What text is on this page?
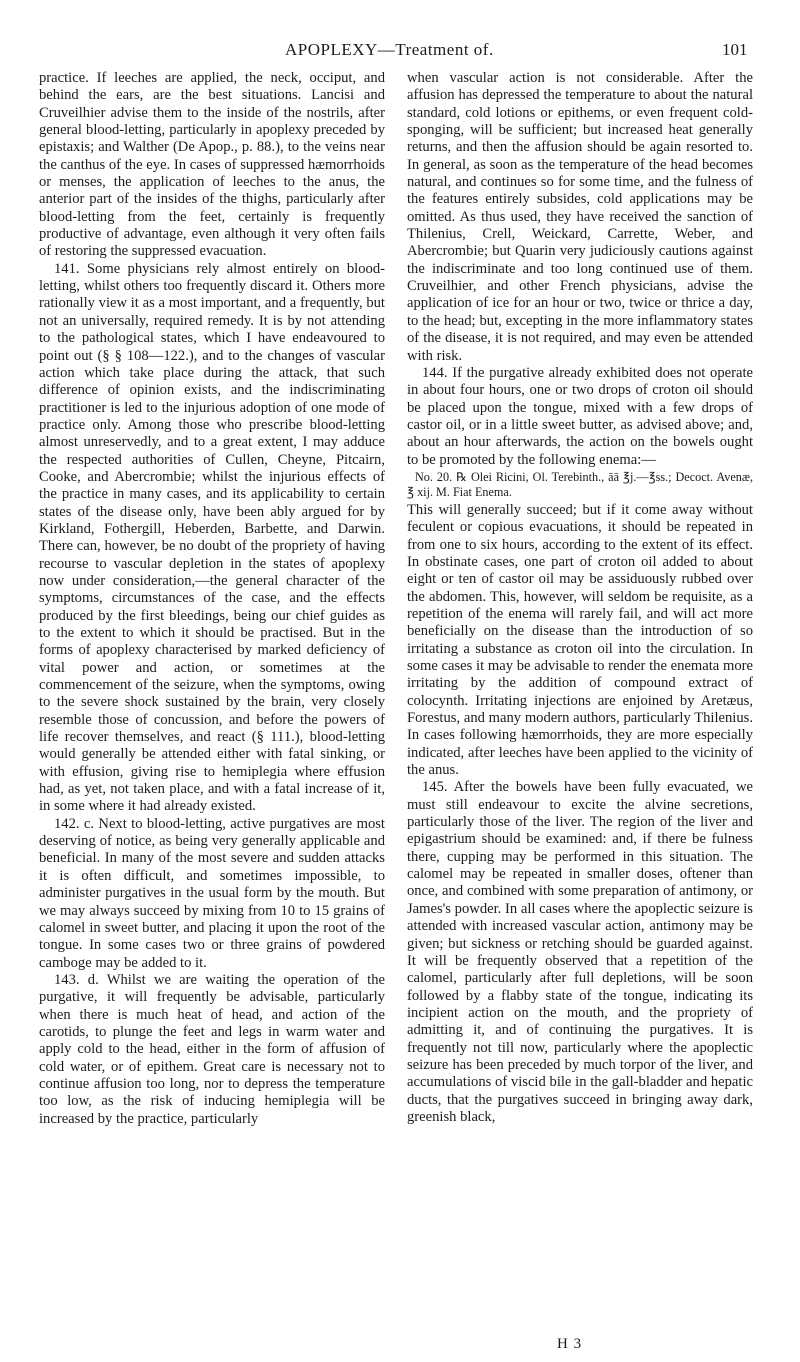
APOPLEXY—Treatment of.	101

practice. If leeches are applied, the neck, occiput, and behind the ears, are the best situations. Lancisi and Cruveilhier advise them to the inside of the nostrils, after general blood-letting, particularly in apoplexy preceded by epistaxis; and Walther (De Apop., p. 88.), to the veins near the canthus of the eye. In cases of suppressed hæmorrhoids or menses, the application of leeches to the anus, the anterior part of the insides of the thighs, particularly after blood-letting from the feet, certainly is frequently productive of advantage, even although it very often fails of restoring the suppressed evacuation.

141. Some physicians rely almost entirely on blood-letting, whilst others too frequently discard it. Others more rationally view it as a most important, and a frequently, but not an universally, required remedy. It is by not attending to the pathological states, which I have endeavoured to point out (§ § 108—122.), and to the changes of vascular action which take place during the attack, that such difference of opinion exists, and the indiscriminating practitioner is led to the injurious adoption of one mode of practice only. Among those who prescribe blood-letting almost unreservedly, and to a great extent, I may adduce the respected authorities of Cullen, Cheyne, Pitcairn, Cooke, and Abercrombie; whilst the injurious effects of the practice in many cases, and its applicability to certain states of the disease only, have been ably argued for by Kirkland, Fothergill, Heberden, Barbette, and Darwin. There can, however, be no doubt of the propriety of having recourse to vascular depletion in the states of apoplexy now under consideration,—the general character of the symptoms, circumstances of the case, and the effects produced by the first bleedings, being our chief guides as to the extent to which it should be practised. But in the forms of apoplexy characterised by marked deficiency of vital power and action, or sometimes at the commencement of the seizure, when the symptoms, owing to the severe shock sustained by the brain, very closely resemble those of concussion, and before the powers of life recover themselves, and react (§ 111.), blood-letting would generally be attended either with fatal sinking, or with effusion, giving rise to hemiplegia where effusion had, as yet, not taken place, and with a fatal increase of it, in some where it had already existed.

142. c. Next to blood-letting, active purgatives are most deserving of notice, as being very generally applicable and beneficial. In many of the most severe and sudden attacks it is often difficult, and sometimes impossible, to administer purgatives in the usual form by the mouth. But we may always succeed by mixing from 10 to 15 grains of calomel in sweet butter, and placing it upon the root of the tongue. In some cases two or three grains of powdered camboge may be added to it.

143. d. Whilst we are waiting the operation of the purgative, it will frequently be advisable, particularly when there is much heat of head, and action of the carotids, to plunge the feet and legs in warm water and apply cold to the head, either in the form of affusion of cold water, or of epithem. Great care is necessary not to continue affusion too long, nor to depress the temperature too low, as the risk of inducing hemiplegia will be increased by the practice, particularly

when vascular action is not considerable. After the affusion has depressed the temperature to about the natural standard, cold lotions or epithems, or even frequent cold-sponging, will be sufficient; but increased heat generally returns, and then the affusion should be again resorted to. In general, as soon as the temperature of the head becomes natural, and continues so for some time, and the fulness of the features entirely subsides, cold applications may be omitted. As thus used, they have received the sanction of Thilenius, Crell, Weickard, Carrette, Weber, and Abercrombie; but Quarin very judiciously cautions against the indiscriminate and too long continued use of them. Cruveilhier, and other French physicians, advise the application of ice for an hour or two, twice or thrice a day, to the head; but, excepting in the more inflammatory states of the disease, it is not required, and may even be attended with risk.

144. If the purgative already exhibited does not operate in about four hours, one or two drops of croton oil should be placed upon the tongue, mixed with a few drops of castor oil, or in a little sweet butter, as advised above; and, about an hour afterwards, the action on the bowels ought to be promoted by the following enema:—

No. 20. ℞ Olei Ricini, Ol. Terebinth., āā ℥j.—℥ss.; Decoct. Avenæ, ℥ xij. M. Fiat Enema.

This will generally succeed; but if it come away without feculent or copious evacuations, it should be repeated in from one to six hours, according to the extent of its effect. In obstinate cases, one part of croton oil added to about eight or ten of castor oil may be assiduously rubbed over the abdomen. This, however, will seldom be requisite, as a repetition of the enema will rarely fail, and will act more beneficially on the disease than the introduction of so irritating a substance as croton oil into the circulation. In some cases it may be advisable to render the enemata more irritating by the addition of compound extract of colocynth. Irritating injections are enjoined by Aretæus, Forestus, and many modern authors, particularly Thilenius. In cases following hæmorrhoids, they are more especially indicated, after leeches have been applied to the vicinity of the anus.

145. After the bowels have been fully evacuated, we must still endeavour to excite the alvine secretions, particularly those of the liver. The region of the liver and epigastrium should be examined: and, if there be fulness there, cupping may be performed in this situation. The calomel may be repeated in smaller doses, oftener than once, and combined with some preparation of antimony, or James's powder. In all cases where the apoplectic seizure is attended with increased vascular action, antimony may be given; but sickness or retching should be guarded against. It will be frequently observed that a repetition of the calomel, particularly after full depletions, will be soon followed by a flabby state of the tongue, indicating its incipient action on the mouth, and the propriety of admitting it, and of continuing the purgatives. It is frequently not till now, particularly where the apoplectic seizure has been preceded by much torpor of the liver, and accumulations of viscid bile in the gall-bladder and hepatic ducts, that the purgatives succeed in bringing away dark, greenish black,

H 3
